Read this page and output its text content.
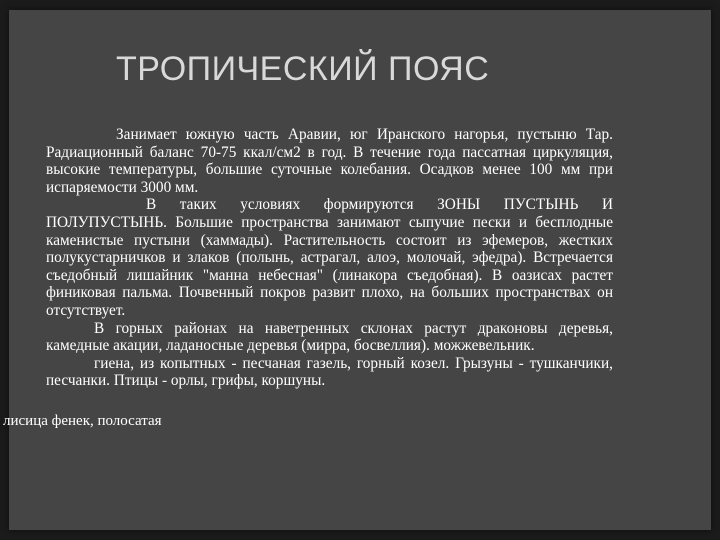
ТРОПИЧЕСКИЙ ПОЯС

Занимает южную часть Аравии, юг Иранского нагорья, пустыню Тар. Радиационный баланс 70-75 ккал/см2 в год. В течение года пассатная циркуляция, высокие температуры, большие суточные колебания. Осадков менее 100 мм при испаряемости 3000 мм.

В таких условиях формируются ЗОНЫ ПУСТЫНЬ И ПОЛУПУСТЫНЬ. Большие пространства занимают сыпучие пески и бесплодные каменистые пустыни (хаммады). Растительность состоит из эфемеров, жестких полукустарничков и злаков (полынь, астрагал, алоэ, молочай, эфедра). Встречается съедобный лишайник "манна небесная" (линакора съедобная). В оазисах растет финиковая пальма. Почвенный покров развит плохо, на больших пространствах он отсутствует.

В горных районах на наветренных склонах растут драконовы деревья, камедные акации, ладаносные деревья (мирра, босвеллия). можжевельник.

гиена, из копытных - песчаная газель, горный козел. Грызуны - тушканчики, песчанки. Птицы - орлы, грифы, коршуны.

лисица фенек, полосатая
